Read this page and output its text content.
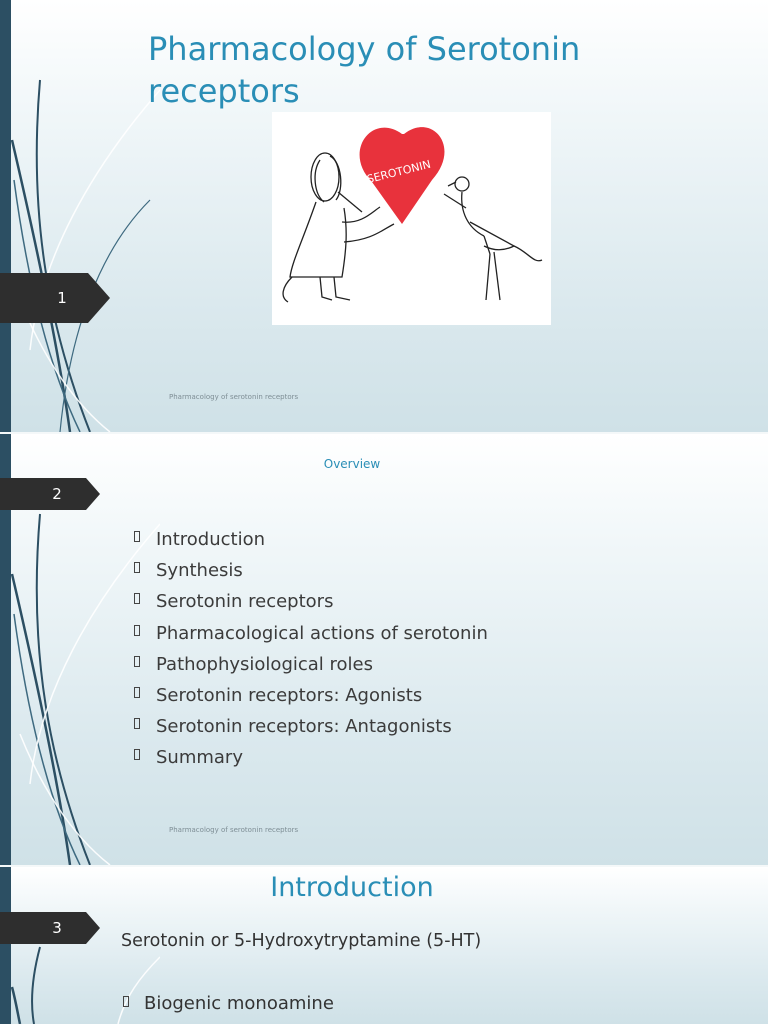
1
Pharmacology of Serotonin receptors
SEROTONIN
Pharmacology of serotonin receptors
2
Overview
Introduction
Synthesis
Serotonin receptors
Pharmacological actions of serotonin
Pathophysiological roles
Serotonin receptors: Agonists
Serotonin receptors: Antagonists
Summary
Pharmacology of serotonin receptors
3
Introduction
Serotonin or 5-Hydroxytryptamine (5-HT)
Biogenic monoamine
